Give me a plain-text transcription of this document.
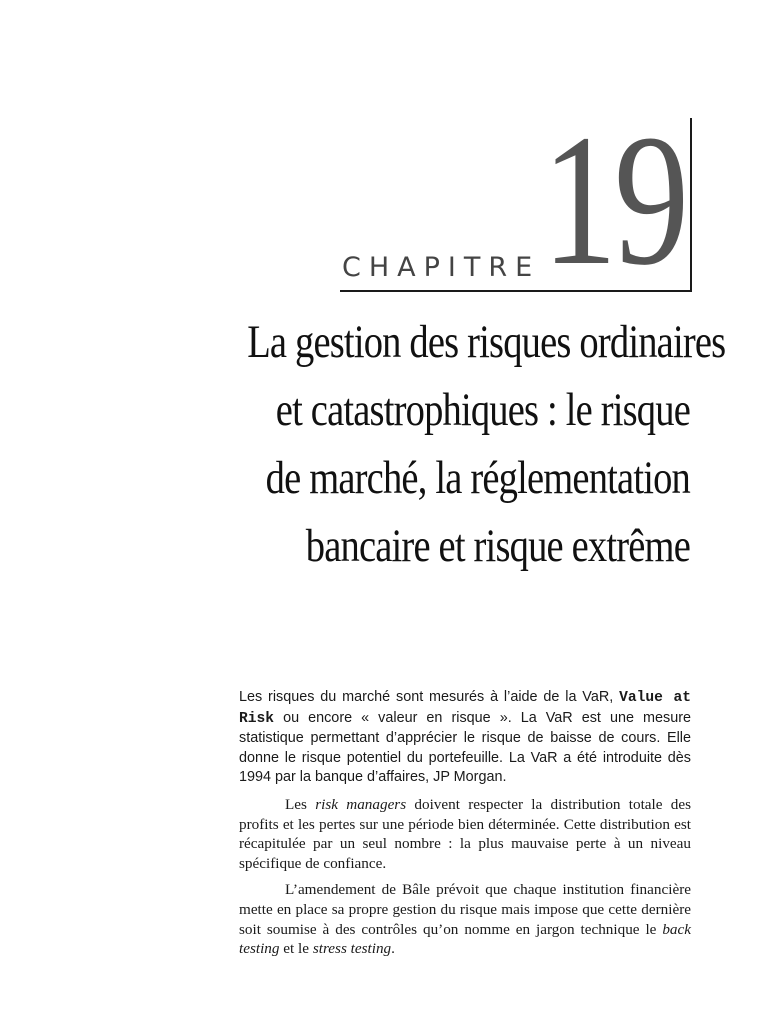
CHAPITRE 19
La gestion des risques ordinaires
et catastrophiques : le risque
de marché, la réglementation
bancaire et risque extrême

Les risques du marché sont mesurés à l’aide de la VaR, Value at Risk ou encore « valeur en risque ». La VaR est une mesure statistique permettant d’apprécier le risque de baisse de cours. Elle donne le risque potentiel du portefeuille. La VaR a été introduite dès 1994 par la banque d’affaires, JP Morgan.

Les risk managers doivent respecter la distribution totale des profits et les pertes sur une période bien déterminée. Cette distribution est récapitulée par un seul nombre : la plus mauvaise perte à un niveau spécifique de confiance.

L’amendement de Bâle prévoit que chaque institution financière mette en place sa propre gestion du risque mais impose que cette dernière soit soumise à des contrôles qu’on nomme en jargon technique le back testing et le stress testing.
